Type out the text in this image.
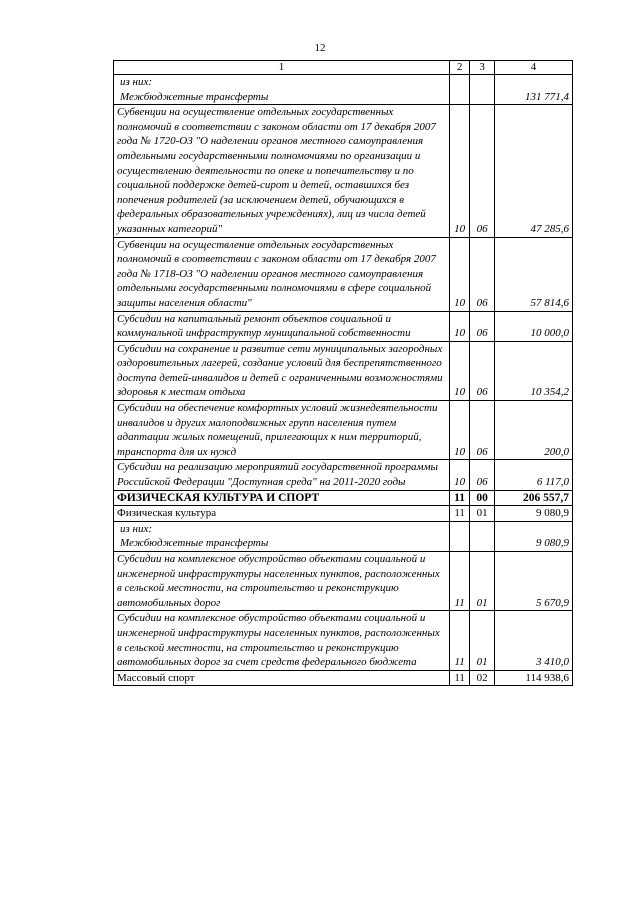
12
1	2	3	4
из них:
Межбюджетные трансферты			131 771,4
Субвенции на осуществление отдельных государственных полномочий в соответствии с законом области от 17 декабря 2007 года № 1720-ОЗ "О наделении органов местного самоуправления отдельными государственными полномочиями по организации и осуществлению деятельности по опеке и попечительству и по социальной поддержке детей-сирот и детей, оставшихся без попечения родителей (за исключением детей, обучающихся в федеральных образовательных учреждениях), лиц из числа детей указанных категорий"	10	06	47 285,6
Субвенции на осуществление отдельных государственных полномочий в соответствии с законом области от 17 декабря 2007 года № 1718-ОЗ "О наделении органов местного самоуправления отдельными государственными полномочиями в сфере социальной защиты населения области"	10	06	57 814,6
Субсидии на капитальный ремонт объектов социальной и коммунальной инфраструктур муниципальной собственности	10	06	10 000,0
Субсидии на сохранение и развитие сети муниципальных загородных оздоровительных лагерей, создание условий для беспрепятственного доступа детей-инвалидов и детей с ограниченными возможностями здоровья к местам отдыха	10	06	10 354,2
Субсидии на обеспечение комфортных условий жизнедеятельности инвалидов и других малоподвижных групп населения путем адаптации жилых помещений, прилегающих к ним территорий, транспорта для их нужд	10	06	200,0
Субсидии на реализацию мероприятий государственной программы Российской Федерации "Доступная среда" на 2011-2020 годы	10	06	6 117,0
ФИЗИЧЕСКАЯ КУЛЬТУРА И СПОРТ	11	00	206 557,7
Физическая культура	11	01	9 080,9
из них:
Межбюджетные трансферты			9 080,9
Субсидии на комплексное обустройство объектами социальной и инженерной инфраструктуры населенных пунктов, расположенных в сельской местности, на строительство и реконструкцию автомобильных дорог	11	01	5 670,9
Субсидии на комплексное обустройство объектами социальной и инженерной инфраструктуры населенных пунктов, расположенных в сельской местности, на строительство и реконструкцию автомобильных дорог за счет средств федерального бюджета	11	01	3 410,0
Массовый спорт	11	02	114 938,6
